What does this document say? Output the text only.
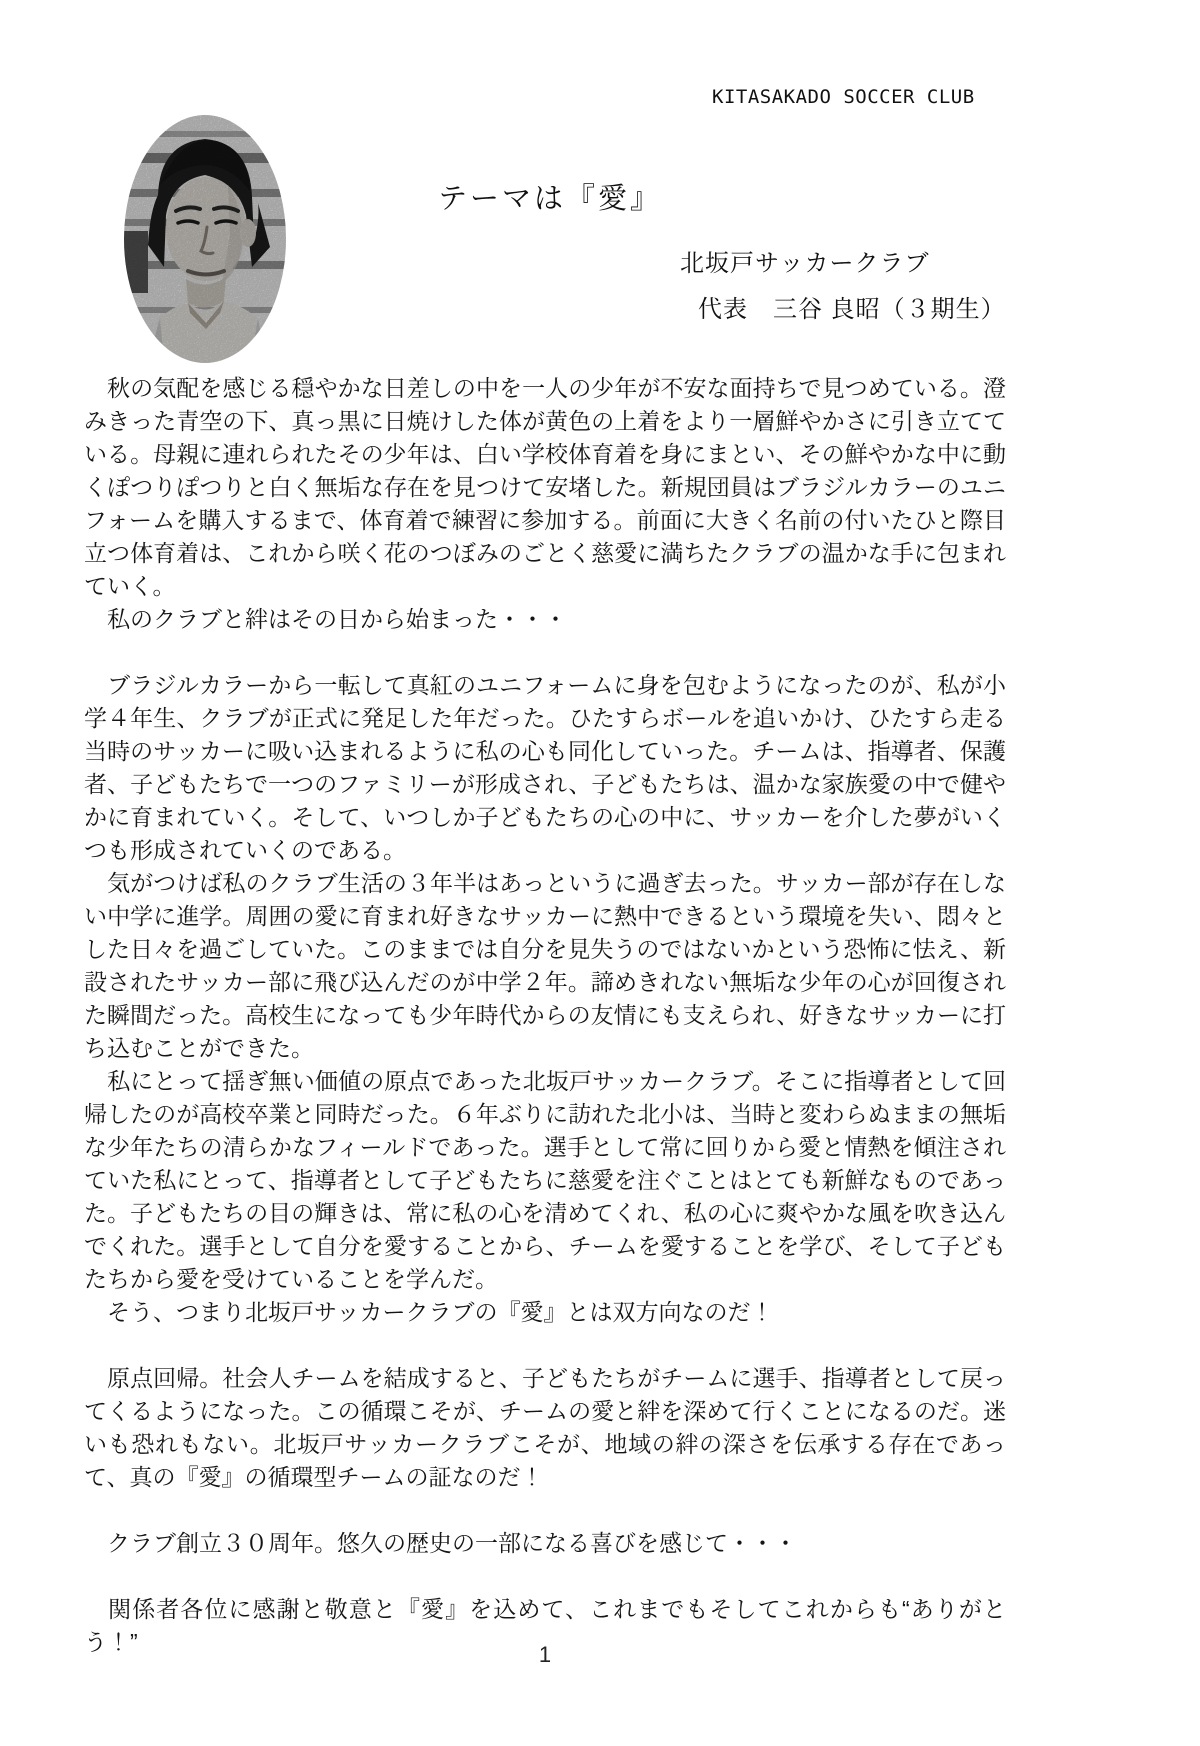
KITASAKADO SOCCER CLUB
テーマは『愛』
北坂戸サッカークラブ
代表　三谷 良昭（３期生）

　秋の気配を感じる穏やかな日差しの中を一人の少年が不安な面持ちで見つめている。澄みきった青空の下、真っ黒に日焼けした体が黄色の上着をより一層鮮やかさに引き立てている。母親に連れられたその少年は、白い学校体育着を身にまとい、その鮮やかな中に動くぽつりぽつりと白く無垢な存在を見つけて安堵した。新規団員はブラジルカラーのユニフォームを購入するまで、体育着で練習に参加する。前面に大きく名前の付いたひと際目立つ体育着は、これから咲く花のつぼみのごとく慈愛に満ちたクラブの温かな手に包まれていく。

　私のクラブと絆はその日から始まった・・・

　ブラジルカラーから一転して真紅のユニフォームに身を包むようになったのが、私が小学４年生、クラブが正式に発足した年だった。ひたすらボールを追いかけ、ひたすら走る当時のサッカーに吸い込まれるように私の心も同化していった。チームは、指導者、保護者、子どもたちで一つのファミリーが形成され、子どもたちは、温かな家族愛の中で健やかに育まれていく。そして、いつしか子どもたちの心の中に、サッカーを介した夢がいくつも形成されていくのである。

　気がつけば私のクラブ生活の３年半はあっというに過ぎ去った。サッカー部が存在しない中学に進学。周囲の愛に育まれ好きなサッカーに熱中できるという環境を失い、悶々とした日々を過ごしていた。このままでは自分を見失うのではないかという恐怖に怯え、新設されたサッカー部に飛び込んだのが中学２年。諦めきれない無垢な少年の心が回復された瞬間だった。高校生になっても少年時代からの友情にも支えられ、好きなサッカーに打ち込むことができた。

　私にとって揺ぎ無い価値の原点であった北坂戸サッカークラブ。そこに指導者として回帰したのが高校卒業と同時だった。６年ぶりに訪れた北小は、当時と変わらぬままの無垢な少年たちの清らかなフィールドであった。選手として常に回りから愛と情熱を傾注されていた私にとって、指導者として子どもたちに慈愛を注ぐことはとても新鮮なものであった。子どもたちの目の輝きは、常に私の心を清めてくれ、私の心に爽やかな風を吹き込んでくれた。選手として自分を愛することから、チームを愛することを学び、そして子どもたちから愛を受けていることを学んだ。

　そう、つまり北坂戸サッカークラブの『愛』とは双方向なのだ！

　原点回帰。社会人チームを結成すると、子どもたちがチームに選手、指導者として戻ってくるようになった。この循環こそが、チームの愛と絆を深めて行くことになるのだ。迷いも恐れもない。北坂戸サッカークラブこそが、地域の絆の深さを伝承する存在であって、真の『愛』の循環型チームの証なのだ！

　クラブ創立３０周年。悠久の歴史の一部になる喜びを感じて・・・

　関係者各位に感謝と敬意と『愛』を込めて、これまでもそしてこれからも“ありがとう！”	1
